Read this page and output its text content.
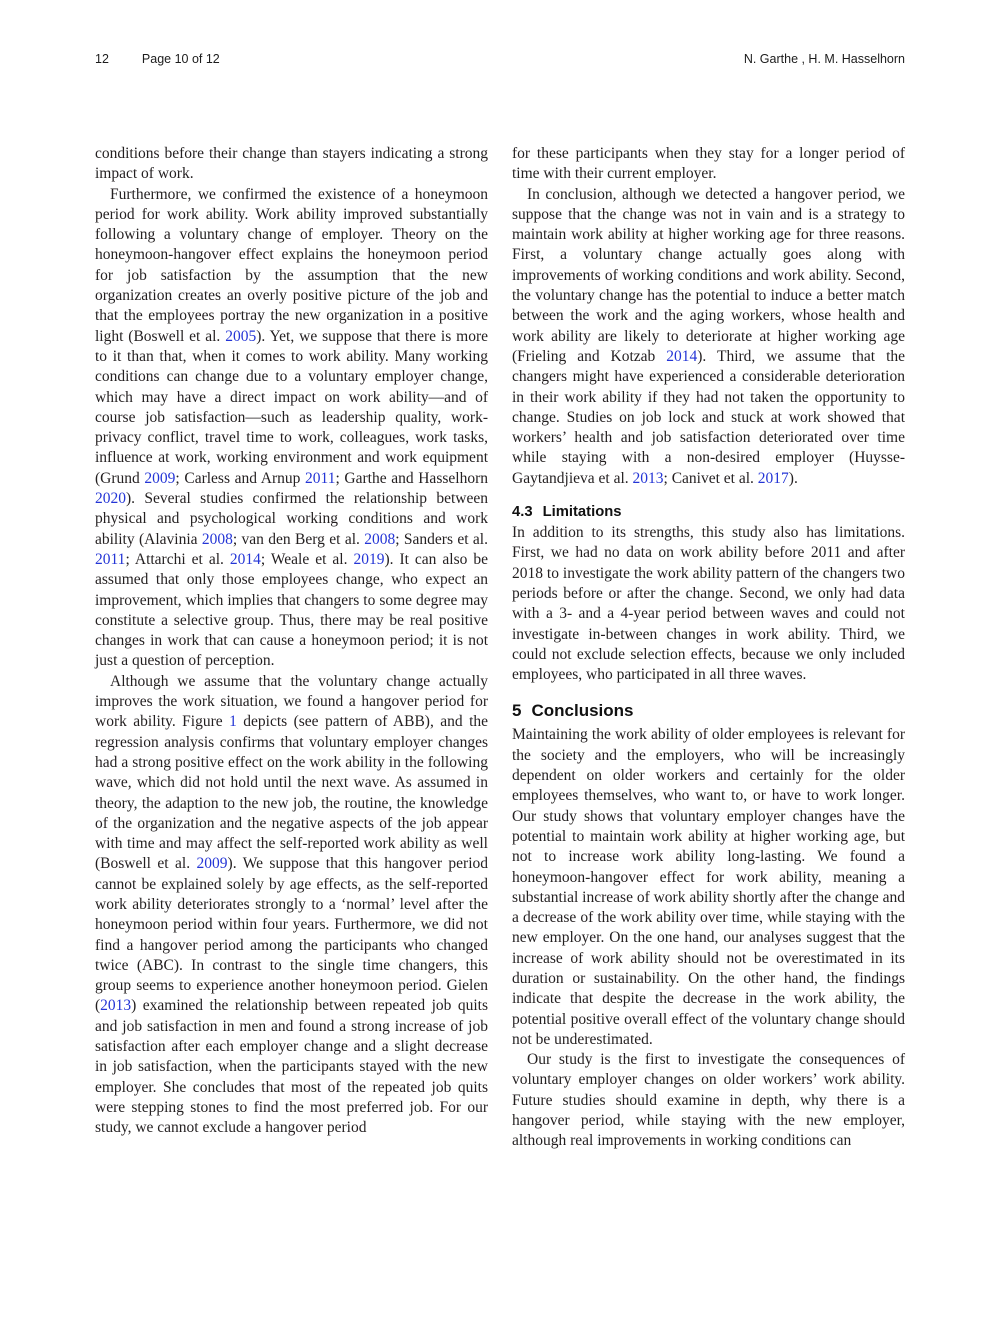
12	Page 10 of 12	N. Garthe , H. M. Hasselhorn

conditions before their change than stayers indicating a strong impact of work.

Furthermore, we confirmed the existence of a honeymoon period for work ability. Work ability improved substantially following a voluntary change of employer. Theory on the honeymoon-hangover effect explains the honeymoon period for job satisfaction by the assumption that the new organization creates an overly positive picture of the job and that the employees portray the new organization in a positive light (Boswell et al. 2005). Yet, we suppose that there is more to it than that, when it comes to work ability. Many working conditions can change due to a voluntary employer change, which may have a direct impact on work ability—and of course job satisfaction—such as leadership quality, work-privacy conflict, travel time to work, colleagues, work tasks, influence at work, working environment and work equipment (Grund 2009; Carless and Arnup 2011; Garthe and Hasselhorn 2020). Several studies confirmed the relationship between physical and psychological working conditions and work ability (Alavinia 2008; van den Berg et al. 2008; Sanders et al. 2011; Attarchi et al. 2014; Weale et al. 2019). It can also be assumed that only those employees change, who expect an improvement, which implies that changers to some degree may constitute a selective group. Thus, there may be real positive changes in work that can cause a honeymoon period; it is not just a question of perception.

Although we assume that the voluntary change actually improves the work situation, we found a hangover period for work ability. Figure 1 depicts (see pattern of ABB), and the regression analysis confirms that voluntary employer changes had a strong positive effect on the work ability in the following wave, which did not hold until the next wave. As assumed in theory, the adaption to the new job, the routine, the knowledge of the organization and the negative aspects of the job appear with time and may affect the self-reported work ability as well (Boswell et al. 2009). We suppose that this hangover period cannot be explained solely by age effects, as the self-reported work ability deteriorates strongly to a ‘normal’ level after the honeymoon period within four years. Furthermore, we did not find a hangover period among the participants who changed twice (ABC). In contrast to the single time changers, this group seems to experience another honeymoon period. Gielen (2013) examined the relationship between repeated job quits and job satisfaction in men and found a strong increase of job satisfaction after each employer change and a slight decrease in job satisfaction, when the participants stayed with the new employer. She concludes that most of the repeated job quits were stepping stones to find the most preferred job. For our study, we cannot exclude a hangover period

for these participants when they stay for a longer period of time with their current employer.

In conclusion, although we detected a hangover period, we suppose that the change was not in vain and is a strategy to maintain work ability at higher working age for three reasons. First, a voluntary change actually goes along with improvements of working conditions and work ability. Second, the voluntary change has the potential to induce a better match between the work and the aging workers, whose health and work ability are likely to deteriorate at higher working age (Frieling and Kotzab 2014). Third, we assume that the changers might have experienced a considerable deterioration in their work ability if they had not taken the opportunity to change. Studies on job lock and stuck at work showed that workers’ health and job satisfaction deteriorated over time while staying with a non-desired employer (Huysse-Gaytandjieva et al. 2013; Canivet et al. 2017).

4.3 Limitations

In addition to its strengths, this study also has limitations. First, we had no data on work ability before 2011 and after 2018 to investigate the work ability pattern of the changers two periods before or after the change. Second, we only had data with a 3- and a 4-year period between waves and could not investigate in-between changes in work ability. Third, we could not exclude selection effects, because we only included employees, who participated in all three waves.

5 Conclusions

Maintaining the work ability of older employees is relevant for the society and the employers, who will be increasingly dependent on older workers and certainly for the older employees themselves, who want to, or have to work longer. Our study shows that voluntary employer changes have the potential to maintain work ability at higher working age, but not to increase work ability long-lasting. We found a honeymoon-hangover effect for work ability, meaning a substantial increase of work ability shortly after the change and a decrease of the work ability over time, while staying with the new employer. On the one hand, our analyses suggest that the increase of work ability should not be overestimated in its duration or sustainability. On the other hand, the findings indicate that despite the decrease in the work ability, the potential positive overall effect of the voluntary change should not be underestimated.

Our study is the first to investigate the consequences of voluntary employer changes on older workers’ work ability. Future studies should examine in depth, why there is a hangover period, while staying with the new employer, although real improvements in working conditions can
